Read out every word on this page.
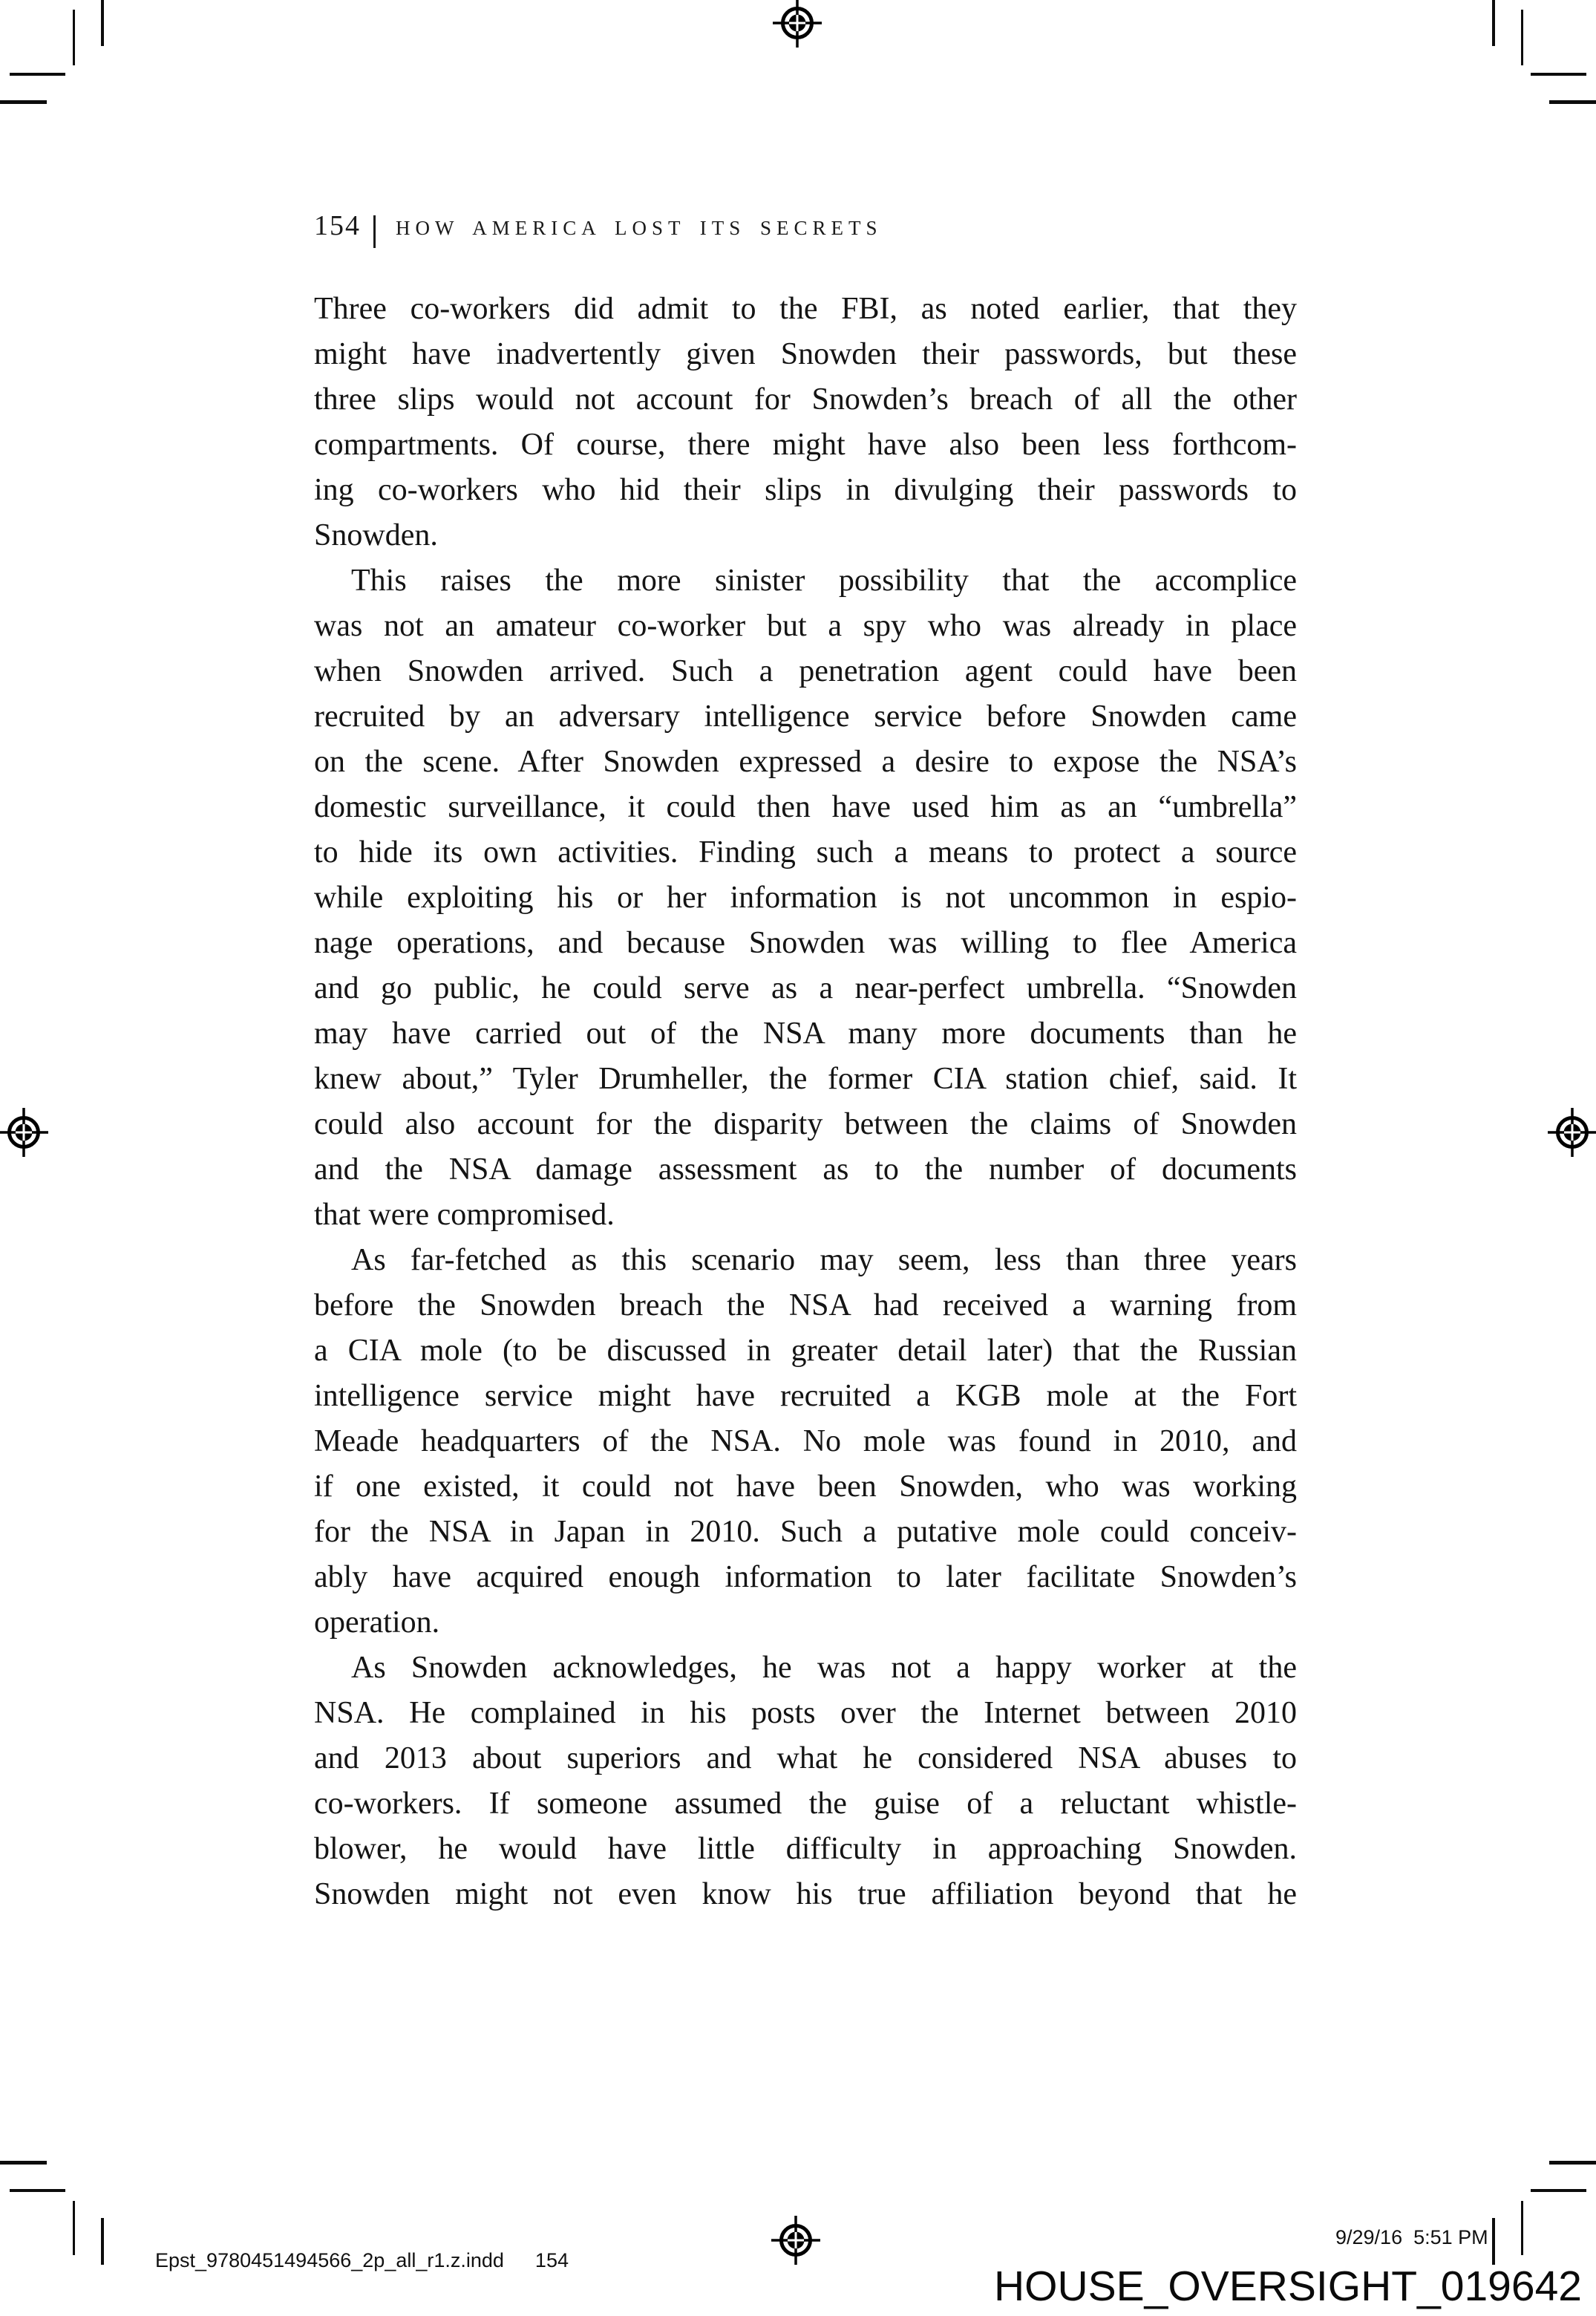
154 HOW AMERICA LOST ITS SECRETS
Three co-workers did admit to the FBI, as noted earlier, that they
might have inadvertently given Snowden their passwords, but these
three slips would not account for Snowden’s breach of all the other
compartments. Of course, there might have also been less forthcom-
ing co-workers who hid their slips in divulging their passwords to
Snowden.
This raises the more sinister possibility that the accomplice
was not an amateur co-worker but a spy who was already in place
when Snowden arrived. Such a penetration agent could have been
recruited by an adversary intelligence service before Snowden came
on the scene. After Snowden expressed a desire to expose the NSA’s
domestic surveillance, it could then have used him as an “umbrella”
to hide its own activities. Finding such a means to protect a source
while exploiting his or her information is not uncommon in espio-
nage operations, and because Snowden was willing to flee America
and go public, he could serve as a near-perfect umbrella. “Snowden
may have carried out of the NSA many more documents than he
knew about,” Tyler Drumheller, the former CIA station chief, said. It
could also account for the disparity between the claims of Snowden
and the NSA damage assessment as to the number of documents
that were compromised.
As far-fetched as this scenario may seem, less than three years
before the Snowden breach the NSA had received a warning from
a CIA mole (to be discussed in greater detail later) that the Russian
intelligence service might have recruited a KGB mole at the Fort
Meade headquarters of the NSA. No mole was found in 2010, and
if one existed, it could not have been Snowden, who was working
for the NSA in Japan in 2010. Such a putative mole could conceiv-
ably have acquired enough information to later facilitate Snowden’s
operation.
As Snowden acknowledges, he was not a happy worker at the
NSA. He complained in his posts over the Internet between 2010
and 2013 about superiors and what he considered NSA abuses to
co-workers. If someone assumed the guise of a reluctant whistle-
blower, he would have little difficulty in approaching Snowden.
Snowden might not even know his true affiliation beyond that he

Epst_9780451494566_2p_all_r1.z.indd 154

9/29/16  5:51 PM
HOUSE_OVERSIGHT_019642
